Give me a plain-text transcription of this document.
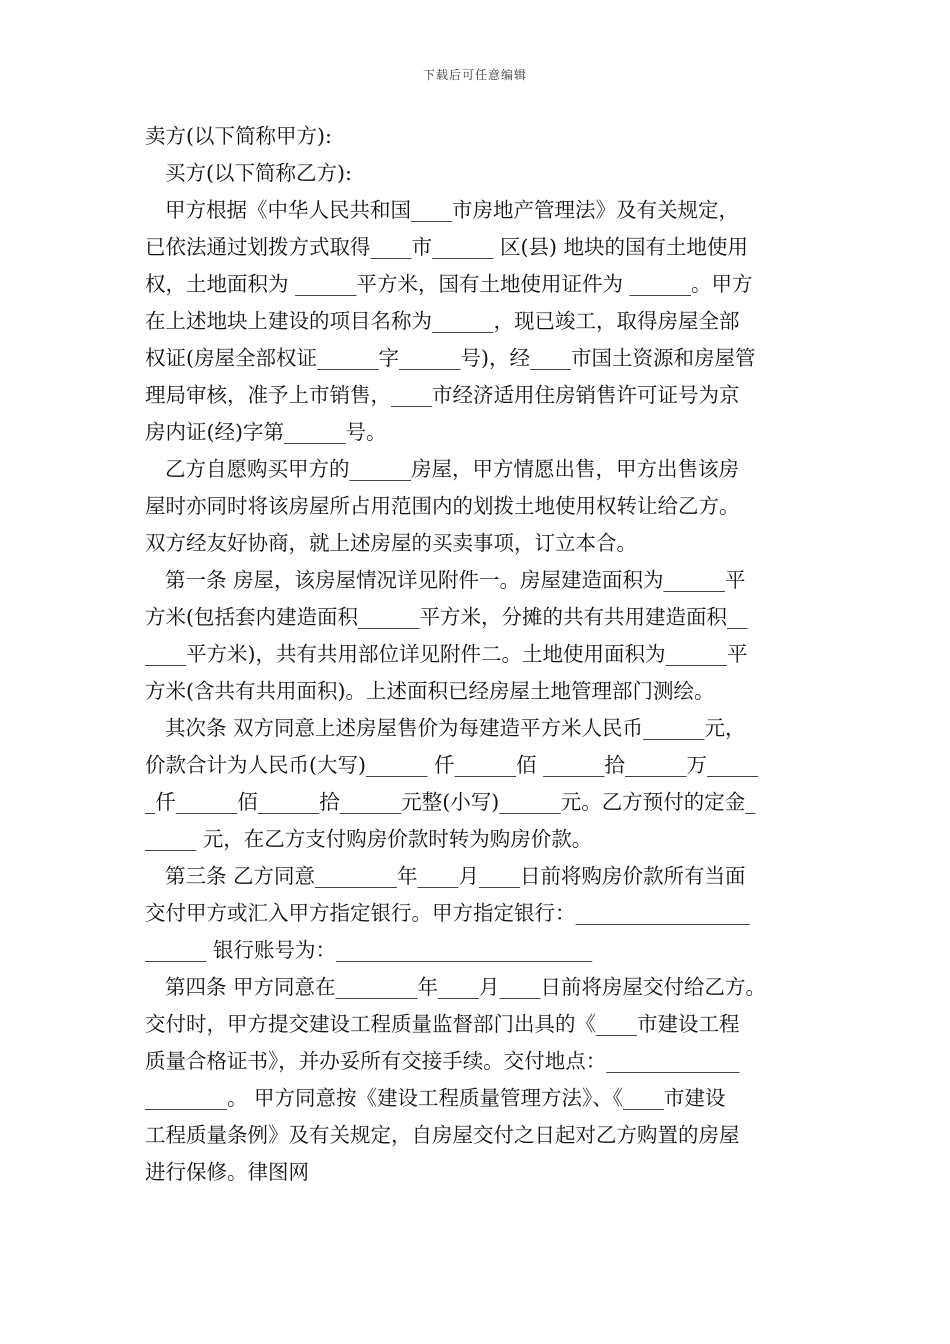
下载后可任意编辑
卖方(以下简称甲方):
买方(以下简称乙方):
甲方根据《中华人民共和国____市房地产管理法》及有关规定，
已依法通过划拨方式取得____市______ 区(县) 地块的国有土地使用
权，土地面积为 ______平方米，国有土地使用证件为 ______。甲方
在上述地块上建设的项目名称为______，现已竣工，取得房屋全部
权证(房屋全部权证______字______号)，经____市国土资源和房屋管
理局审核，准予上市销售，____市经济适用住房销售许可证号为京
房内证(经)字第______号。
乙方自愿购买甲方的______房屋，甲方情愿出售，甲方出售该房
屋时亦同时将该房屋所占用范围内的划拨土地使用权转让给乙方。
双方经友好协商，就上述房屋的买卖事项，订立本合。
第一条 房屋，该房屋情况详见附件一。房屋建造面积为______平
方米(包括套内建造面积______平方米，分摊的共有共用建造面积__
____平方米)，共有共用部位详见附件二。土地使用面积为______平
方米(含共有共用面积)。上述面积已经房屋土地管理部门测绘。
其次条 双方同意上述房屋售价为每建造平方米人民币______元，
价款合计为人民币(大写)______ 仟______佰 ______拾______万_____
_仟______佰______拾______元整(小写)______元。乙方预付的定金_
_____ 元，在乙方支付购房价款时转为购房价款。
第三条 乙方同意________年____月____日前将购房价款所有当面
交付甲方或汇入甲方指定银行。甲方指定银行：_________________
______ 银行账号为：_________________________
第四条 甲方同意在________年____月____日前将房屋交付给乙方。
交付时，甲方提交建设工程质量监督部门出具的《____市建设工程
质量合格证书》，并办妥所有交接手续。交付地点：_____________
________。 甲方同意按《建设工程质量管理方法》、《____市建设
工程质量条例》及有关规定，自房屋交付之日起对乙方购置的房屋
进行保修。律图网
